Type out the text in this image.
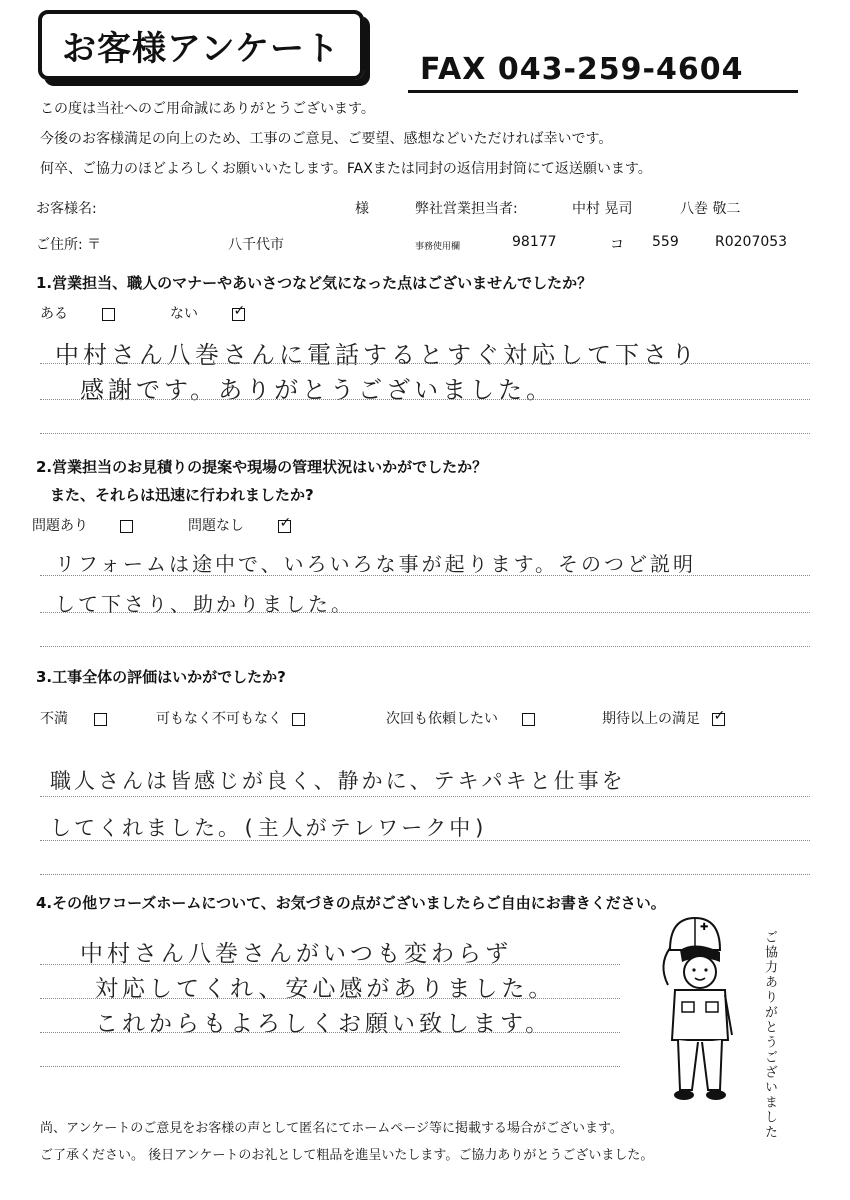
お客様アンケート
FAX 043-259-4604
この度は当社へのご用命誠にありがとうございます。
今後のお客様満足の向上のため、工事のご意見、ご要望、感想などいただければ幸いです。
何卒、ご協力のほどよろしくお願いいたします。FAXまたは同封の返信用封筒にて返送願います。
お客様名:	様	弊社営業担当者:	中村 晃司	八巻 敬二
ご住所: 〒	八千代市	事務使用欄	98177	コ 559	R0207053
1.営業担当、職人のマナーやあいさつなど気になった点はございませんでしたか？
ある	ない ✓
中村さん八巻さんに電話するとすぐ対応して下さり
感謝です。ありがとうございました。
2.営業担当のお見積りの提案や現場の管理状況はいかがでしたか？
また、それらは迅速に行われましたか?
問題あり	問題なし ✓
リフォームは途中で、いろいろな事が起ります。そのつど説明
して下さり、助かりました。
3.工事全体の評価はいかがでしたか?
不満	可もなく不可もなく	次回も依頼したい	期待以上の満足 ✓
職人さんは皆感じが良く、静かに、テキパキと仕事を
してくれました。(主人がテレワーク中)
4.その他ワコーズホームについて、お気づきの点がございましたらご自由にお書きください。
中村さん八巻さんがいつも変わらず
対応してくれ、安心感がありました。
これからもよろしくお願い致します。
✚
ご協力ありがとうございました
尚、アンケートのご意見をお客様の声として匿名にてホームページ等に掲載する場合がございます。
ご了承ください。 後日アンケートのお礼として粗品を進呈いたします。ご協力ありがとうございました。
